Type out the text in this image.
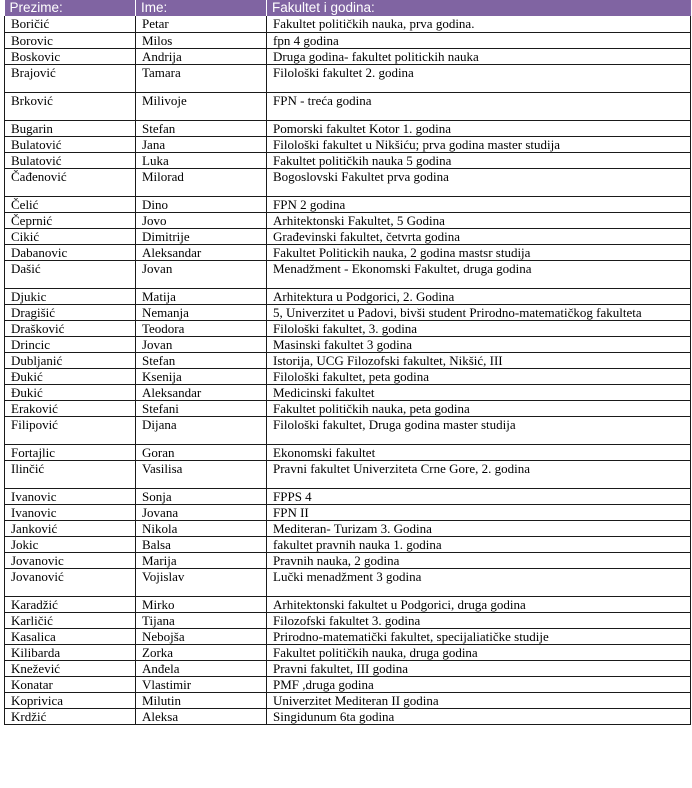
Prezime:	Ime:	Fakultet i godina:
Boričić	Petar	Fakultet političkih nauka, prva godina.
Borovic	Milos	fpn 4 godina
Boskovic	Andrija	Druga godina- fakultet politickih nauka
Brajović	Tamara	Filološki fakultet 2. godina
Brković	Milivoje	FPN - treća godina
Bugarin	Stefan	Pomorski fakultet Kotor 1. godina
Bulatović	Jana	Filološki fakultet u Nikšiću; prva godina master studija
Bulatović	Luka	Fakultet političkih nauka 5 godina
Čađenović	Milorad	Bogoslovski Fakultet prva godina
Čelić	Dino	FPN 2 godina
Čeprnić	Jovo	Arhitektonski Fakultet, 5 Godina
Cikić	Dimitrije	Građevinski fakultet, četvrta godina
Dabanovic	Aleksandar	Fakultet Politickih nauka, 2 godina mastsr studija
Dašić	Jovan	Menadžment - Ekonomski Fakultet, druga godina
Djukic	Matija	Arhitektura u Podgorici, 2. Godina
Dragišić	Nemanja	5, Univerzitet u Padovi, bivši student Prirodno-matematičkog fakulteta
Drašković	Teodora	Filološki fakultet, 3. godina
Drincic	Jovan	Masinski fakultet 3 godina
Dubljanić	Stefan	Istorija, UCG Filozofski fakultet, Nikšić, III
Đukić	Ksenija	Filološki fakultet, peta godina
Đukić	Aleksandar	Medicinski fakultet
Eraković	Stefani	Fakultet političkih nauka, peta godina
Filipović	Dijana	Filološki fakultet, Druga godina master studija
Fortajlic	Goran	Ekonomski fakultet
Ilinčić	Vasilisa	Pravni fakultet Univerziteta Crne Gore, 2. godina
Ivanovic	Sonja	FPPS 4
Ivanovic	Jovana	FPN II
Janković	Nikola	Mediteran- Turizam 3. Godina
Jokic	Balsa	fakultet pravnih nauka 1. godina
Jovanovic	Marija	Pravnih nauka, 2 godina
Jovanović	Vojislav	Lučki menadžment 3 godina
Karadžić	Mirko	Arhitektonski fakultet u Podgorici, druga godina
Karličić	Tijana	Filozofski fakultet 3. godina
Kasalica	Nebojša	Prirodno-matematički fakultet, specijaliatičke studije
Kilibarda	Zorka	Fakultet političkih nauka, druga godina
Knežević	Anđela	Pravni fakultet, III godina
Konatar	Vlastimir	PMF ,druga godina
Koprivica	Milutin	Univerzitet Mediteran II godina
Krdžić	Aleksa	Singidunum 6ta godina
